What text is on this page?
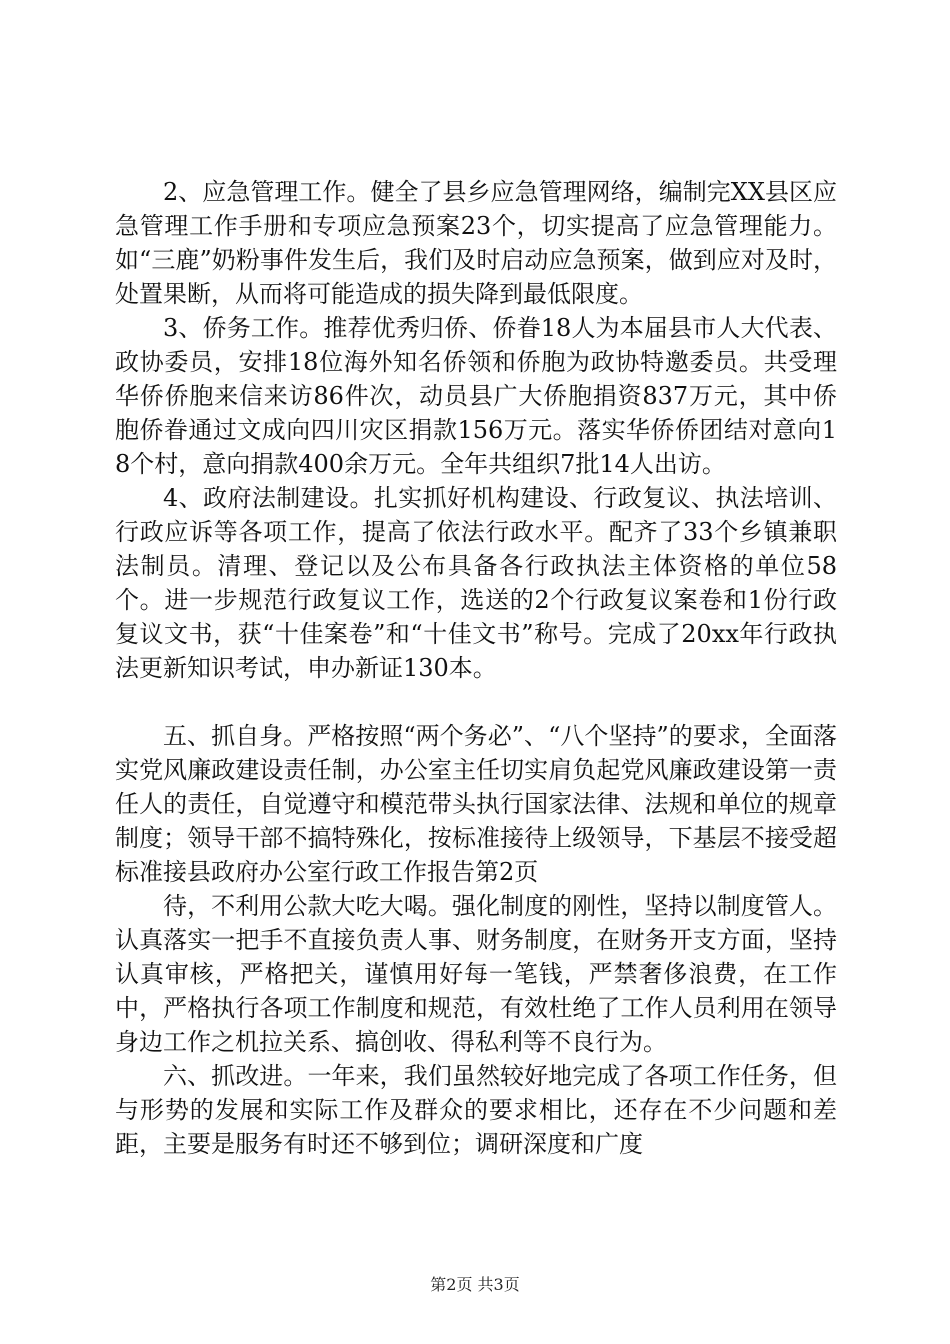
2、应急管理工作。健全了县乡应急管理网络，编制完XX县区应急管理工作手册和专项应急预案23个，切实提高了应急管理能力。如“三鹿”奶粉事件发生后，我们及时启动应急预案，做到应对及时，处置果断，从而将可能造成的损失降到最低限度。

3、侨务工作。推荐优秀归侨、侨眷18人为本届县市人大代表、政协委员，安排18位海外知名侨领和侨胞为政协特邀委员。共受理华侨侨胞来信来访86件次，动员县广大侨胞捐资837万元，其中侨胞侨眷通过文成向四川灾区捐款156万元。落实华侨侨团结对意向18个村，意向捐款400余万元。全年共组织7批14人出访。

4、政府法制建设。扎实抓好机构建设、行政复议、执法培训、行政应诉等各项工作，提高了依法行政水平。配齐了33个乡镇兼职法制员。清理、登记以及公布具备各行政执法主体资格的单位58个。进一步规范行政复议工作，选送的2个行政复议案卷和1份行政复议文书，获“十佳案卷”和“十佳文书”称号。完成了20xx年行政执法更新知识考试，申办新证130本。

五、抓自身。严格按照“两个务必”、“八个坚持”的要求，全面落实党风廉政建设责任制，办公室主任切实肩负起党风廉政建设第一责任人的责任，自觉遵守和模范带头执行国家法律、法规和单位的规章制度；领导干部不搞特殊化，按标准接待上级领导，下基层不接受超标准接县政府办公室行政工作报告第2页

待，不利用公款大吃大喝。强化制度的刚性，坚持以制度管人。认真落实一把手不直接负责人事、财务制度，在财务开支方面，坚持认真审核，严格把关，谨慎用好每一笔钱，严禁奢侈浪费，在工作中，严格执行各项工作制度和规范，有效杜绝了工作人员利用在领导身边工作之机拉关系、搞创收、得私利等不良行为。

六、抓改进。一年来，我们虽然较好地完成了各项工作任务，但与形势的发展和实际工作及群众的要求相比，还存在不少问题和差距，主要是服务有时还不够到位；调研深度和广度

第2页 共3页
